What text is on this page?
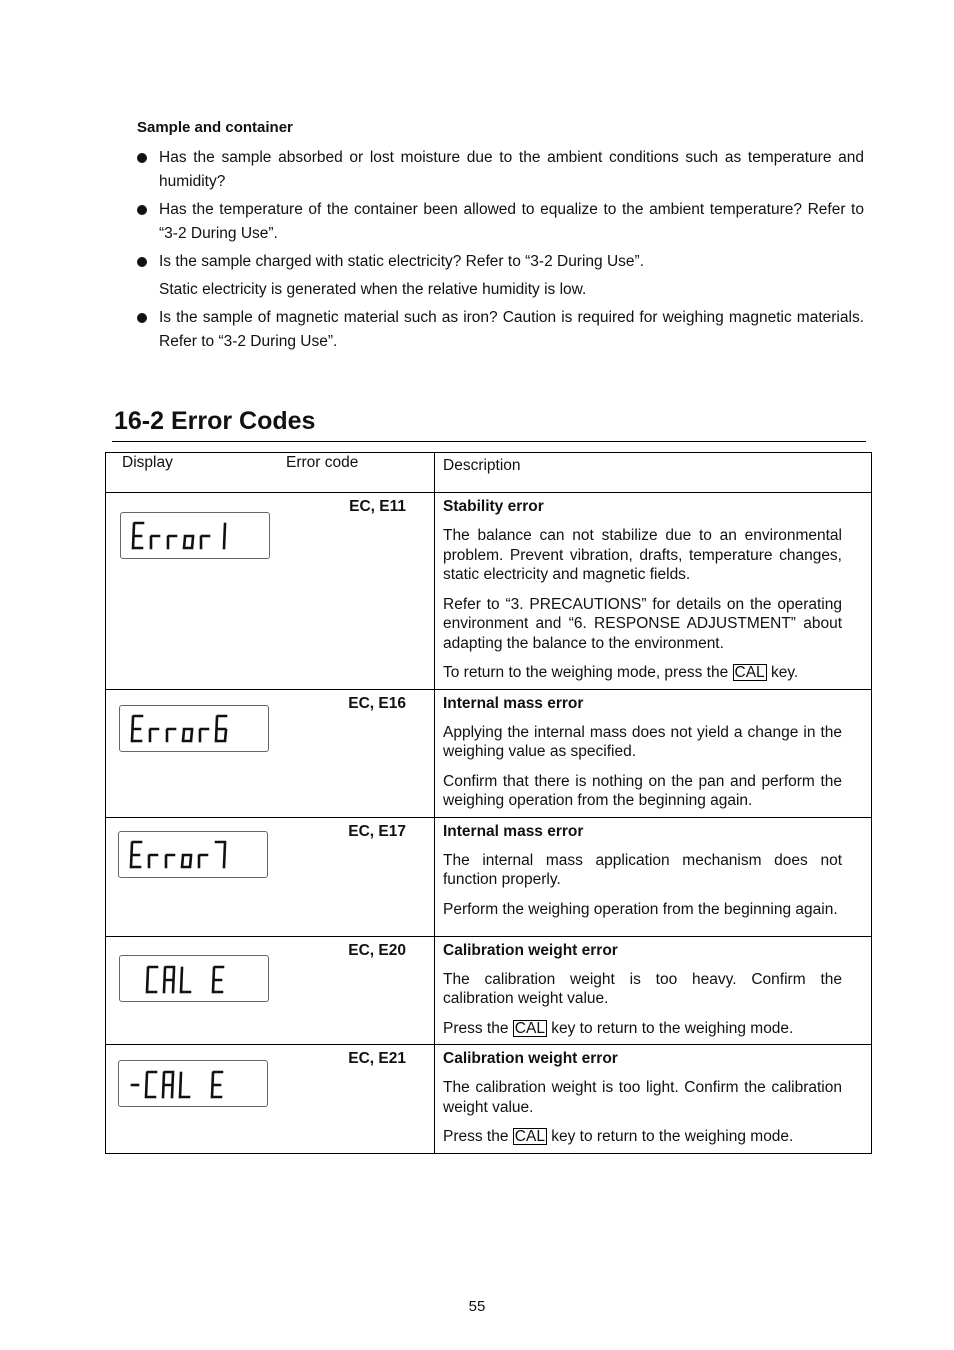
Sample and container
Has the sample absorbed or lost moisture due to the ambient conditions such as temperature and humidity?
Has the temperature of the container been allowed to equalize to the ambient temperature? Refer to “3-2 During Use”.
Is the sample charged with static electricity? Refer to “3-2 During Use”.
Static electricity is generated when the relative humidity is low.
Is the sample of magnetic material such as iron? Caution is required for weighing magnetic materials. Refer to “3-2 During Use”.
16-2 Error Codes
Display Error code	Description

EC, E11	Stability error
The balance can not stabilize due to an environmental problem. Prevent vibration, drafts, temperature changes, static electricity and magnetic fields.
Refer to “3. PRECAUTIONS” for details on the operating environment and “6. RESPONSE ADJUSTMENT” about adapting the balance to the environment.
To return to the weighing mode, press the CAL key.

EC, E16	Internal mass error
Applying the internal mass does not yield a change in the weighing value as specified.
Confirm that there is nothing on the pan and perform the weighing operation from the beginning again.

EC, E17	Internal mass error
The internal mass application mechanism does not function properly.
Perform the weighing operation from the beginning again.

EC, E20	Calibration weight error
The calibration weight is too heavy. Confirm the calibration weight value.
Press the CAL key to return to the weighing mode.

EC, E21	Calibration weight error
The calibration weight is too light. Confirm the calibration weight value.
Press the CAL key to return to the weighing mode.
55
